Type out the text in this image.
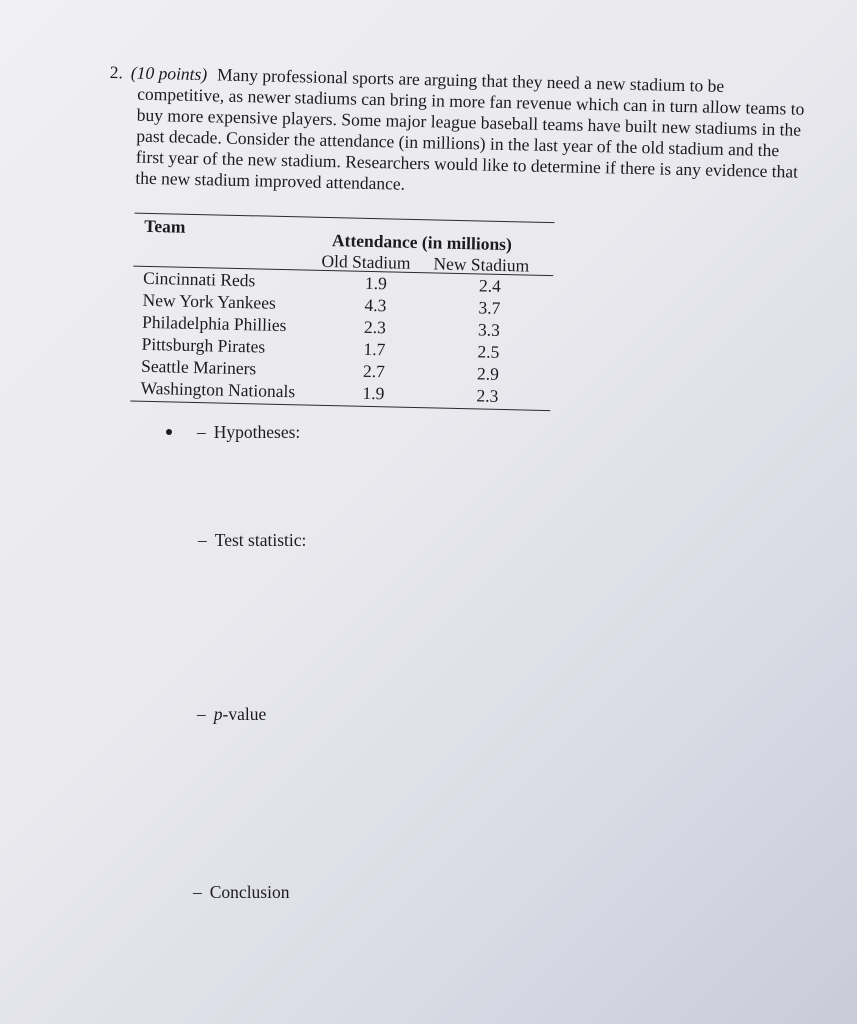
2. (10 points) Many professional sports are arguing that they need a new stadium to be competitive, as newer stadiums can bring in more fan revenue which can in turn allow teams to buy more expensive players. Some major league baseball teams have built new stadiums in the past decade. Consider the attendance (in millions) in the last year of the old stadium and the first year of the new stadium. Researchers would like to determine if there is any evidence that the new stadium improved attendance.

Team
Attendance (in millions)
Old Stadium New Stadium
Cincinnati Reds	1.9	2.4
New York Yankees	4.3	3.7
Philadelphia Phillies	2.3	3.3
Pittsburgh Pirates	1.7	2.5
Seattle Mariners	2.7	2.9
Washington Nationals	1.9	2.3
– Hypotheses:
– Test statistic:
– p-value
– Conclusion
